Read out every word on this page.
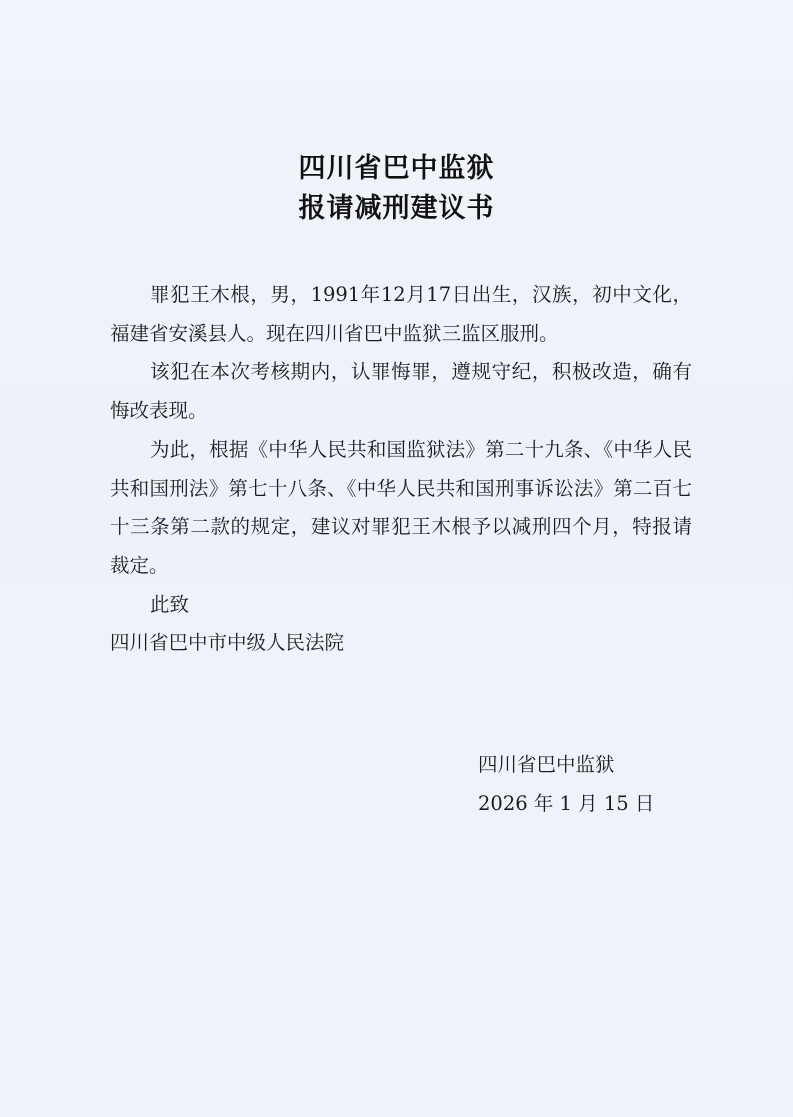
四川省巴中监狱
报请减刑建议书

罪犯王木根，男，1991年12月17日出生，汉族，初中文化，福建省安溪县人。现在四川省巴中监狱三监区服刑。

该犯在本次考核期内，认罪悔罪，遵规守纪，积极改造，确有悔改表现。

为此，根据《中华人民共和国监狱法》第二十九条、《中华人民共和国刑法》第七十八条、《中华人民共和国刑事诉讼法》第二百七十三条第二款的规定，建议对罪犯王木根予以减刑四个月，特报请裁定。

此致

四川省巴中市中级人民法院

四川省巴中监狱
2026 年 1 月 15 日
